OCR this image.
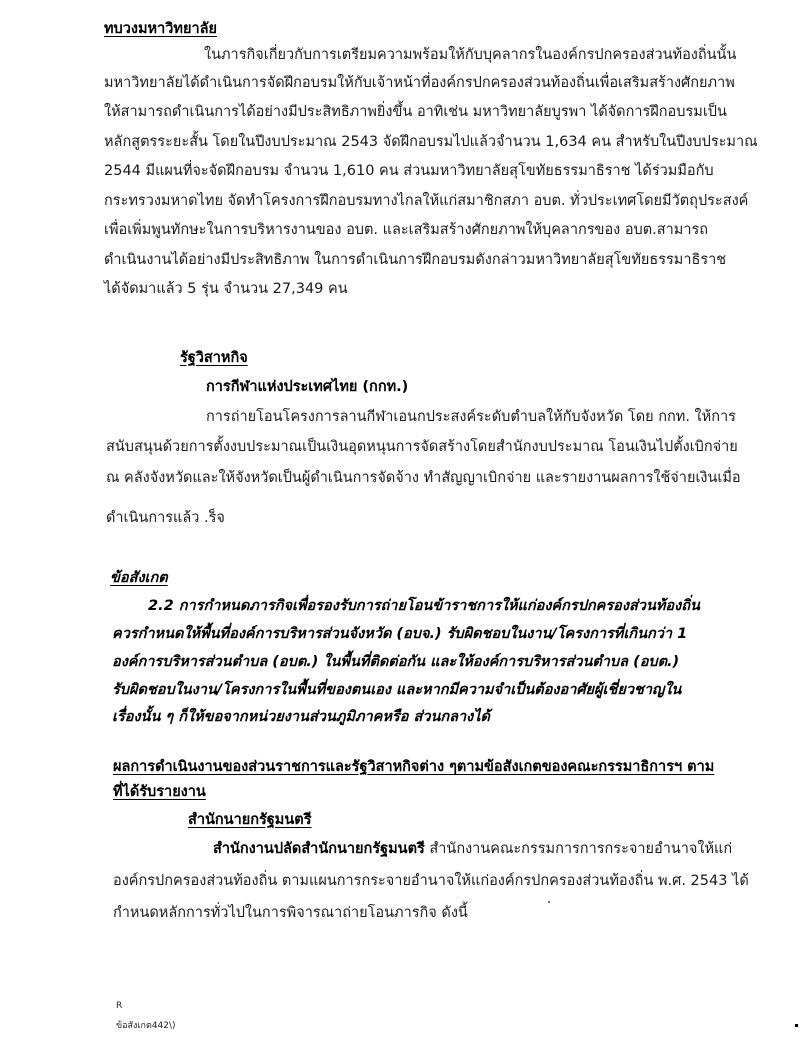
ทบวงมหาวิทยาลัย
ในภารกิจเกี่ยวกับการเตรียมความพร้อมให้กับบุคลากรในองค์กรปกครองส่วนท้องถิ่นนั้น
มหาวิทยาลัยได้ดำเนินการจัดฝึกอบรมให้กับเจ้าหน้าที่องค์กรปกครองส่วนท้องถิ่นเพื่อเสริมสร้างศักยภาพ
ให้สามารถดำเนินการได้อย่างมีประสิทธิภาพยิ่งขึ้น อาทิเช่น มหาวิทยาลัยบูรพา ได้จัดการฝึกอบรมเป็น
หลักสูตรระยะสั้น โดยในปีงบประมาณ 2543 จัดฝึกอบรมไปแล้วจำนวน 1,634 คน สำหรับในปีงบประมาณ
2544 มีแผนที่จะจัดฝึกอบรม จำนวน 1,610 คน ส่วนมหาวิทยาลัยสุโขทัยธรรมาธิราช ได้ร่วมมือกับ
กระทรวงมหาดไทย จัดทำโครงการฝึกอบรมทางไกลให้แก่สมาชิกสภา อบต. ทั่วประเทศโดยมีวัตถุประสงค์
เพื่อเพิ่มพูนทักษะในการบริหารงานของ อบต. และเสริมสร้างศักยภาพให้บุคลากรของ อบต.สามารถ
ดำเนินงานได้อย่างมีประสิทธิภาพ ในการดำเนินการฝึกอบรมดังกล่าวมหาวิทยาลัยสุโขทัยธรรมาธิราช
ได้จัดมาแล้ว 5 รุ่น จำนวน 27,349 คน
รัฐวิสาหกิจ
การกีฬาแห่งประเทศไทย (กกท.)
การถ่ายโอนโครงการลานกีฬาเอนกประสงค์ระดับตำบลให้กับจังหวัด โดย กกท. ให้การ
สนับสนุนด้วยการตั้งงบประมาณเป็นเงินอุดหนุนการจัดสร้างโดยสำนักงบประมาณ โอนเงินไปตั้งเบิกจ่าย
ณ คลังจังหวัดและให้จังหวัดเป็นผู้ดำเนินการจัดจ้าง ทำสัญญาเบิกจ่าย และรายงานผลการใช้จ่ายเงินเมื่อ
ดำเนินการแล้ว .ร็จ
ข้อสังเกต
2.2 การกำหนดภารกิจเพื่อรองรับการถ่ายโอนข้าราชการให้แก่องค์กรปกครองส่วนท้องถิ่น
ควรกำหนดให้พื้นที่องค์การบริหารส่วนจังหวัด (อบจ.) รับผิดชอบในงาน/โครงการที่เกินกว่า 1
องค์การบริหารส่วนตำบล (อบต.) ในพื้นที่ติดต่อกัน และให้องค์การบริหารส่วนตำบล (อบต.)
รับผิดชอบในงาน/โครงการในพื้นที่ของตนเอง และหากมีความจำเป็นต้องอาศัยผู้เชี่ยวชาญใน
เรื่องนั้น ๆ ก็ให้ขอจากหน่วยงานส่วนภูมิภาคหรือ ส่วนกลางได้
ผลการดำเนินงานของส่วนราชการและรัฐวิสาหกิจต่าง ๆตามข้อสังเกตของคณะกรรมาธิการฯ ตาม
ที่ได้รับรายงาน
สำนักนายกรัฐมนตรี
สำนักงานปลัดสำนักนายกรัฐมนตรี สำนักงานคณะกรรมการการกระจายอำนาจให้แก่
องค์กรปกครองส่วนท้องถิ่น ตามแผนการกระจายอำนาจให้แก่องค์กรปกครองส่วนท้องถิ่น พ.ศ. 2543 ได้
กำหนดหลักการทั่วไปในการพิจารณาถ่ายโอนภารกิจ ดังนี้
R
ข้อสังเกต442\)
